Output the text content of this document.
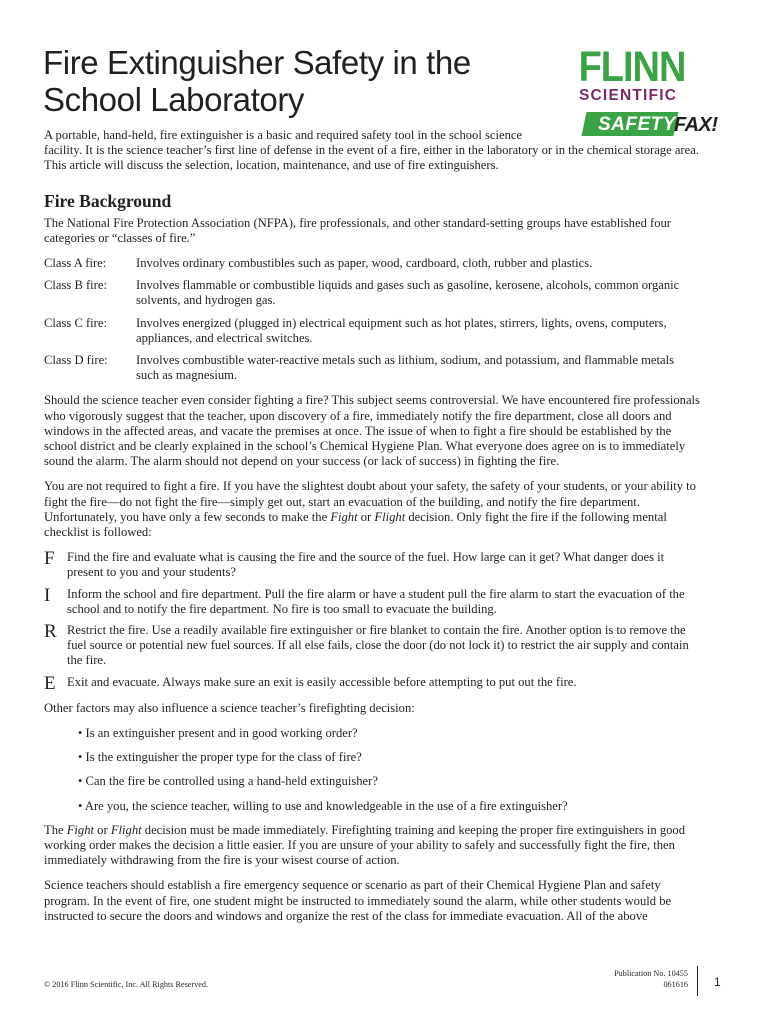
Fire Extinguisher Safety in the
School Laboratory
FLINN
SCIENTIFIC
SAFETY
FAX!

A portable, hand-held, fire extinguisher is a basic and required safety tool in the school science
facility. It is the science teacher’s first line of defense in the event of a fire, either in the laboratory or in the chemical storage area. This article will discuss the selection, location, maintenance, and use of fire extinguishers.

Fire Background

The National Fire Protection Association (NFPA), fire professionals, and other standard-setting groups have established four categories or “classes of fire.”

Class A fire:	Involves ordinary combustibles such as paper, wood, cardboard, cloth, rubber and plastics.
Class B fire:	Involves flammable or combustible liquids and gases such as gasoline, kerosene, alcohols, common organic solvents, and hydrogen gas.
Class C fire:	Involves energized (plugged in) electrical equipment such as hot plates, stirrers, lights, ovens, computers, appliances, and electrical switches.
Class D fire:	Involves combustible water-reactive metals such as lithium, sodium, and potassium, and flammable metals such as magnesium.

Should the science teacher even consider fighting a fire? This subject seems controversial. We have encountered fire professionals who vigorously suggest that the teacher, upon discovery of a fire, immediately notify the fire department, close all doors and windows in the affected areas, and vacate the premises at once. The issue of when to fight a fire should be established by the school district and be clearly explained in the school’s Chemical Hygiene Plan. What everyone does agree on is to immediately sound the alarm. The alarm should not depend on your success (or lack of success) in fighting the fire.

You are not required to fight a fire. If you have the slightest doubt about your safety, the safety of your students, or your ability to fight the fire—do not fight the fire—simply get out, start an evacuation of the building, and notify the fire department. Unfortunately, you have only a few seconds to make the Fight or Flight decision. Only fight the fire if the following mental checklist is followed:

F Find the fire and evaluate what is causing the fire and the source of the fuel. How large can it get? What danger does it present to you and your students?
I	Inform the school and fire department. Pull the fire alarm or have a student pull the fire alarm to start the evacuation of the school and to notify the fire department. No fire is too small to evacuate the building.
R Restrict the fire. Use a readily available fire extinguisher or fire blanket to contain the fire. Another option is to remove the fuel source or potential new fuel sources. If all else fails, close the door (do not lock it) to restrict the air supply and contain the fire.
E Exit and evacuate. Always make sure an exit is easily accessible before attempting to put out the fire.

Other factors may also influence a science teacher’s firefighting decision:

• Is an extinguisher present and in good working order?
• Is the extinguisher the proper type for the class of fire?
• Can the fire be controlled using a hand-held extinguisher?
• Are you, the science teacher, willing to use and knowledgeable in the use of a fire extinguisher?

The Fight or Flight decision must be made immediately. Firefighting training and keeping the proper fire extinguishers in good working order makes the decision a little easier. If you are unsure of your ability to safely and successfully fight the fire, then immediately withdrawing from the fire is your wisest course of action.

Science teachers should establish a fire emergency sequence or scenario as part of their Chemical Hygiene Plan and safety program. In the event of fire, one student might be instructed to immediately sound the alarm, while other students would be instructed to secure the doors and windows and organize the rest of the class for immediate evacuation. All of the above

© 2016 Flinn Scientific, Inc. All Rights Reserved.
Publication No. 10455
061616 1
